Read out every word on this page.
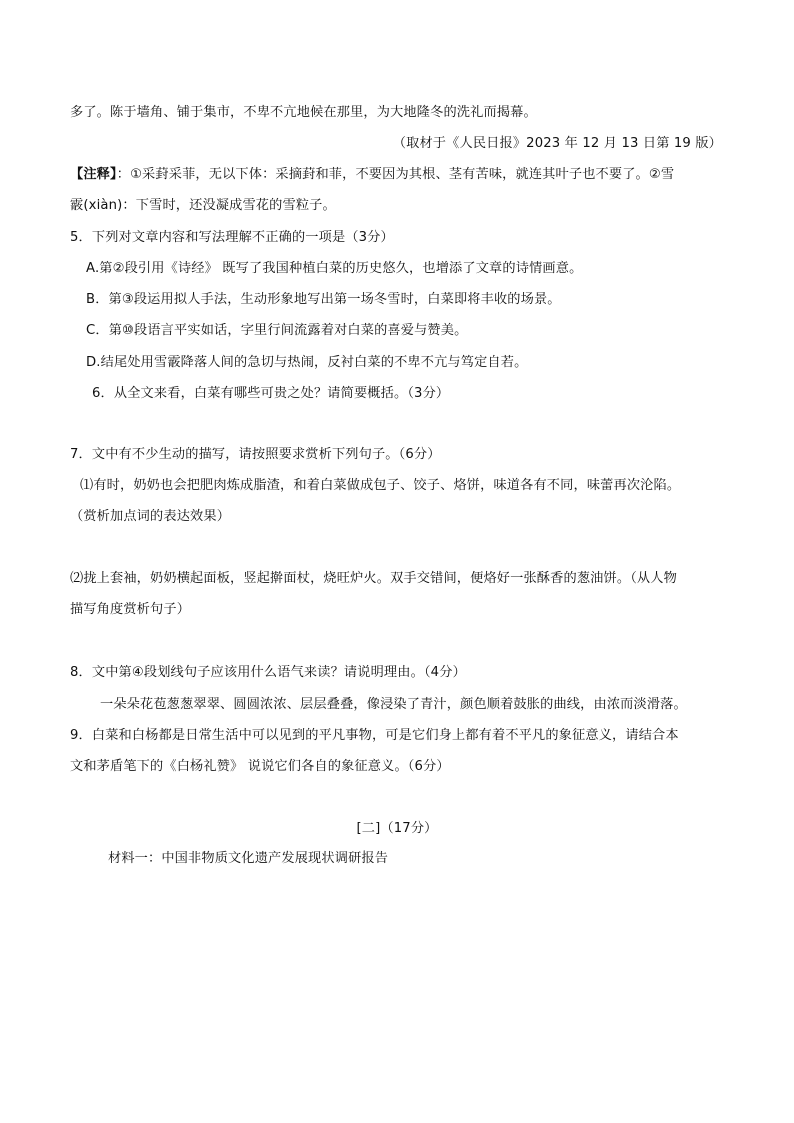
多了。陈于墙角、铺于集市，不卑不亢地候在那里，为大地隆冬的洗礼而揭幕。
（取材于《人民日报》2023 年 12 月 13 日第 19 版）
【注释】：①采葑采菲，无以下体：采摘葑和菲，不要因为其根、茎有苦味，就连其叶子也不要了。②雪
霰(xiàn)：下雪时，还没凝成雪花的雪粒子。
5．下列对文章内容和写法理解不正确的一项是（3分）
A.第②段引用《诗经》 既写了我国种植白菜的历史悠久，也增添了文章的诗情画意。
B．第③段运用拟人手法，生动形象地写出第一场冬雪时，白菜即将丰收的场景。
C．第⑩段语言平实如话，字里行间流露着对白菜的喜爱与赞美。
D.结尾处用雪霰降落人间的急切与热闹，反衬白菜的不卑不亢与笃定自若。
6．从全文来看，白菜有哪些可贵之处？请简要概括。（3分）
7．文中有不少生动的描写，请按照要求赏析下列句子。（6分）
⑴有时，奶奶也会把肥肉炼成脂渣，和着白菜做成包子、饺子、烙饼，味道各有不同，味蕾再次沦陷。
（赏析加点词的表达效果）
⑵拢上套袖，奶奶横起面板，竖起擀面杖，烧旺炉火。双手交错间，便烙好一张酥香的葱油饼。（从人物
描写角度赏析句子）
8．文中第④段划线句子应该用什么语气来读？请说明理由。（4分）
一朵朵花苞葱葱翠翠、圆圆浓浓、层层叠叠，像浸染了青汁，颜色顺着鼓胀的曲线，由浓而淡滑落。
9．白菜和白杨都是日常生活中可以见到的平凡事物，可是它们身上都有着不平凡的象征意义，请结合本
文和茅盾笔下的《白杨礼赞》 说说它们各自的象征意义。（6分）
[二]（17分）
材料一：中国非物质文化遗产发展现状调研报告
